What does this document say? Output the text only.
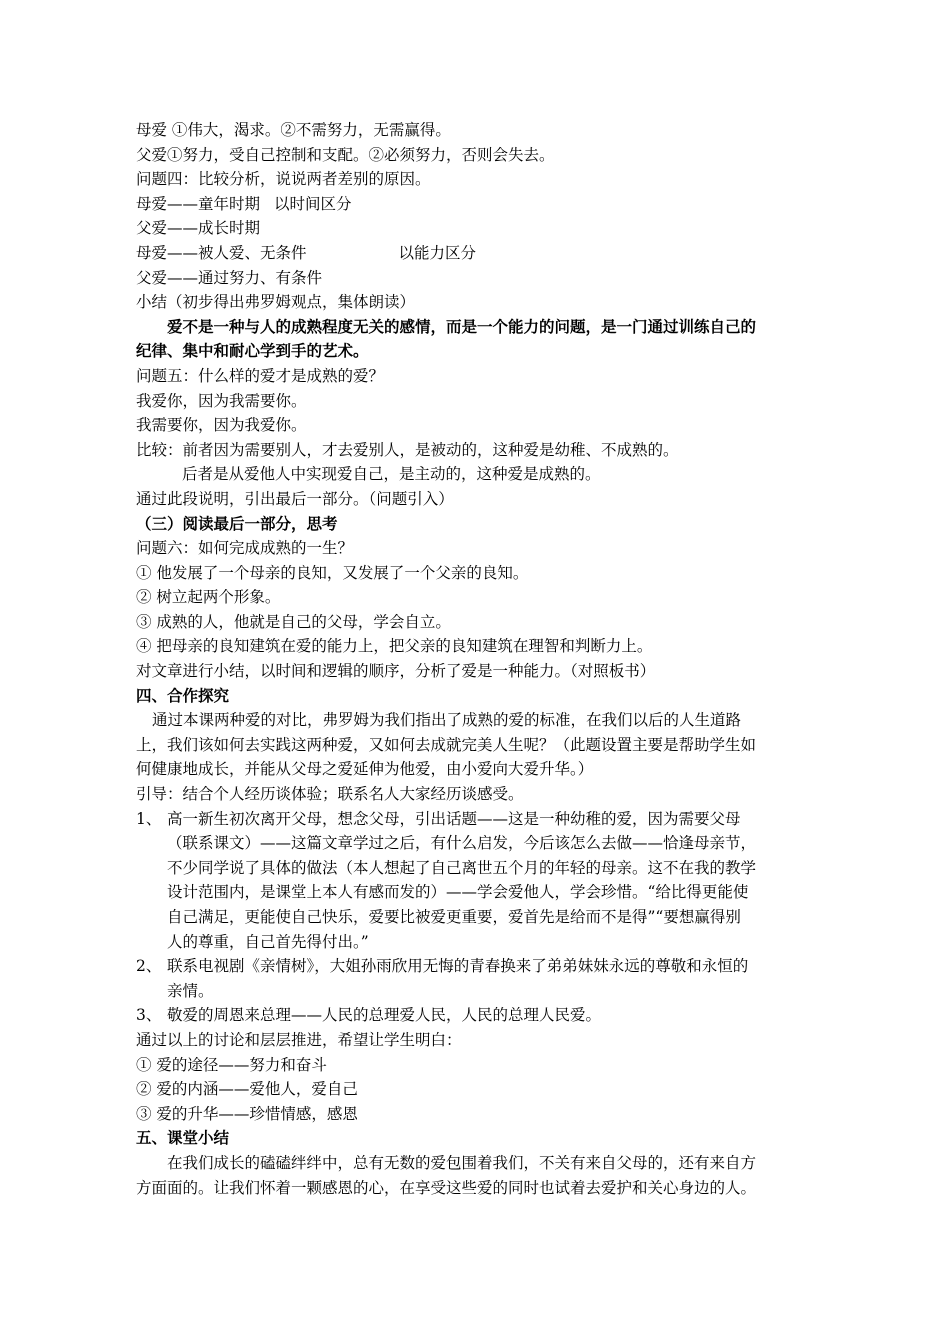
母爱 ①伟大，渴求。②不需努力，无需赢得。
父爱①努力，受自己控制和支配。②必须努力，否则会失去。
问题四：比较分析，说说两者差别的原因。
母爱——童年时期 以时间区分
父爱——成长时期
母爱——被人爱、无条件	以能力区分
父爱——通过努力、有条件
小结（初步得出弗罗姆观点，集体朗读）
爱不是一种与人的成熟程度无关的感情，而是一个能力的问题，是一门通过训练自己的
纪律、集中和耐心学到手的艺术。
问题五：什么样的爱才是成熟的爱？
我爱你，因为我需要你。
我需要你，因为我爱你。
比较：前者因为需要别人，才去爱别人，是被动的，这种爱是幼稚、不成熟的。
后者是从爱他人中实现爱自己，是主动的，这种爱是成熟的。
通过此段说明，引出最后一部分。（问题引入）
（三）阅读最后一部分，思考
问题六：如何完成成熟的一生？
① 他发展了一个母亲的良知，又发展了一个父亲的良知。
② 树立起两个形象。
③ 成熟的人，他就是自己的父母，学会自立。
④ 把母亲的良知建筑在爱的能力上，把父亲的良知建筑在理智和判断力上。
对文章进行小结，以时间和逻辑的顺序，分析了爱是一种能力。（对照板书）
四、合作探究
通过本课两种爱的对比，弗罗姆为我们指出了成熟的爱的标准，在我们以后的人生道路
上，我们该如何去实践这两种爱，又如何去成就完美人生呢？（此题设置主要是帮助学生如
何健康地成长，并能从父母之爱延伸为他爱，由小爱向大爱升华。）
引导：结合个人经历谈体验；联系名人大家经历谈感受。
1、 高一新生初次离开父母，想念父母，引出话题——这是一种幼稚的爱，因为需要父母
（联系课文）——这篇文章学过之后，有什么启发，今后该怎么去做——恰逢母亲节，
不少同学说了具体的做法（本人想起了自己离世五个月的年轻的母亲。这不在我的教学
设计范围内，是课堂上本人有感而发的）——学会爱他人，学会珍惜。“给比得更能使
自己满足，更能使自己快乐，爱要比被爱更重要，爱首先是给而不是得”“要想赢得别
人的尊重，自己首先得付出。”
2、 联系电视剧《亲情树》，大姐孙雨欣用无悔的青春换来了弟弟妹妹永远的尊敬和永恒的
亲情。
3、 敬爱的周恩来总理——人民的总理爱人民，人民的总理人民爱。
通过以上的讨论和层层推进，希望让学生明白：
① 爱的途径——努力和奋斗
② 爱的内涵——爱他人，爱自己
③ 爱的升华——珍惜情感，感恩
五、课堂小结
在我们成长的磕磕绊绊中，总有无数的爱包围着我们，不关有来自父母的，还有来自方
方面面的。让我们怀着一颗感恩的心，在享受这些爱的同时也试着去爱护和关心身边的人。
